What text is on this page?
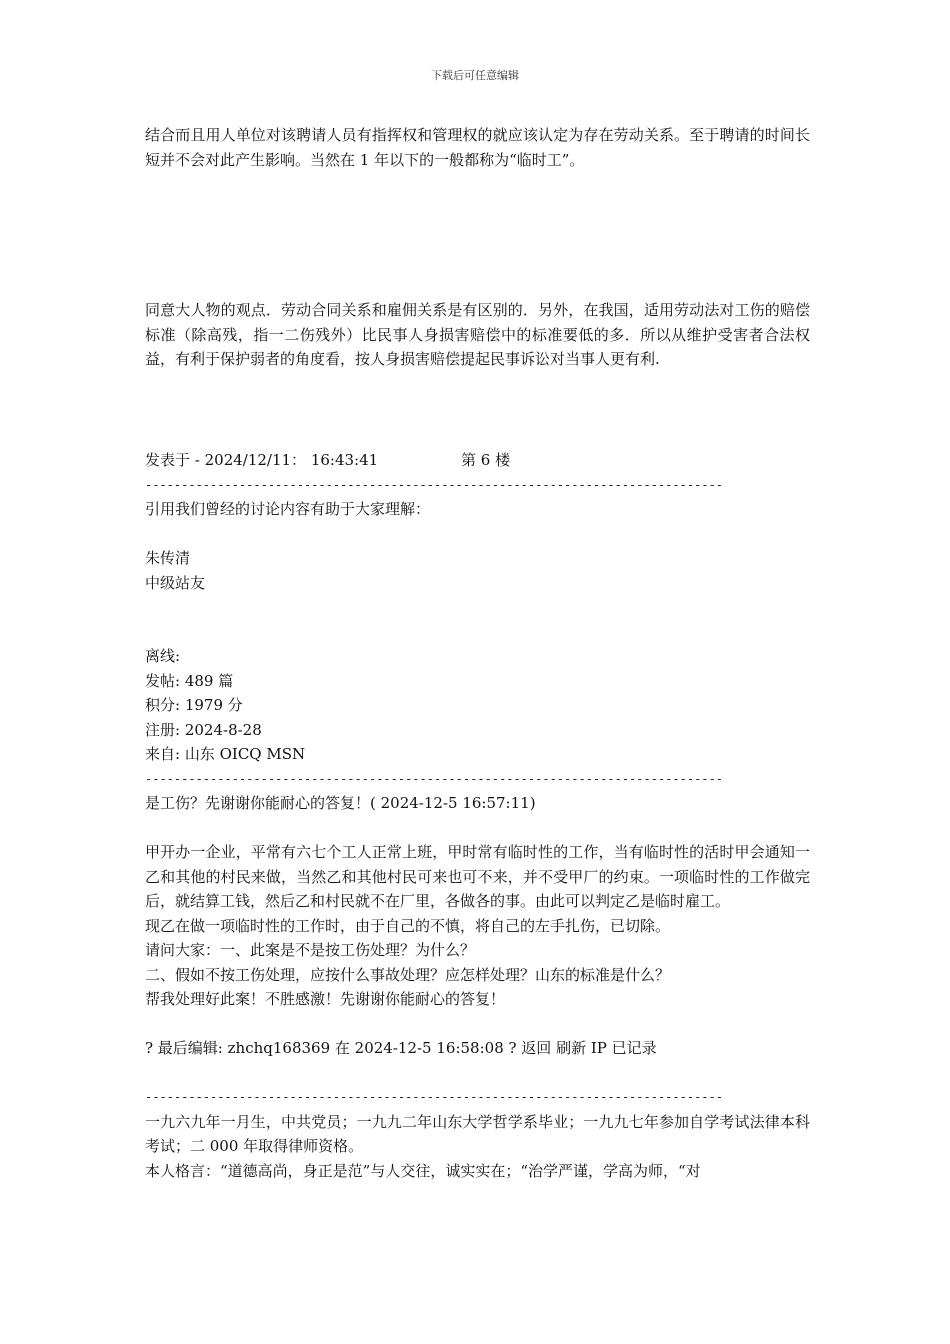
下载后可任意编辑

结合而且用人单位对该聘请人员有指挥权和管理权的就应该认定为存在劳动关系。至于聘请的时间长短并不会对此产生影响。当然在 1 年以下的一般都称为“临时工”。

同意大人物的观点．劳动合同关系和雇佣关系是有区别的．另外，在我国，适用劳动法对工伤的赔偿标准（除高残，指一二伤残外）比民事人身损害赔偿中的标准要低的多．所以从维护受害者合法权益，有利于保护弱者的角度看，按人身损害赔偿提起民事诉讼对当事人更有利.

发表于 - 2024/12/11： 16:43:41	第 6 楼
--------------------------------------------------------------------------------

引用我们曾经的讨论内容有助于大家理解：

朱传清

中级站友

离线:

发帖: 489 篇

积分: 1979 分

注册: 2024-8-28

来自: 山东 OICQ MSN

--------------------------------------------------------------------------------

是工伤？先谢谢你能耐心的答复！( 2024-12-5 16:57:11)

甲开办一企业，平常有六七个工人正常上班，甲时常有临时性的工作，当有临时性的活时甲会通知一乙和其他的村民来做，当然乙和其他村民可来也可不来，并不受甲厂的约束。一项临时性的工作做完后，就结算工钱，然后乙和村民就不在厂里，各做各的事。由此可以判定乙是临时雇工。

现乙在做一项临时性的工作时，由于自己的不慎，将自己的左手扎伤，已切除。

请问大家：一、此案是不是按工伤处理？为什么？

二、假如不按工伤处理，应按什么事故处理？应怎样处理？山东的标准是什么？

帮我处理好此案！不胜感激！先谢谢你能耐心的答复！

? 最后编辑: zhchq168369 在 2024-12-5 16:58:08 ? 返回 刷新 IP 已记录

--------------------------------------------------------------------------------

一九六九年一月生，中共党员；一九九二年山东大学哲学系毕业；一九九七年参加自学考试法律本科考试；二 000 年取得律师资格。

本人格言：“道德高尚，身正是范”与人交往，诚实实在；“治学严谨，学高为师，“对
